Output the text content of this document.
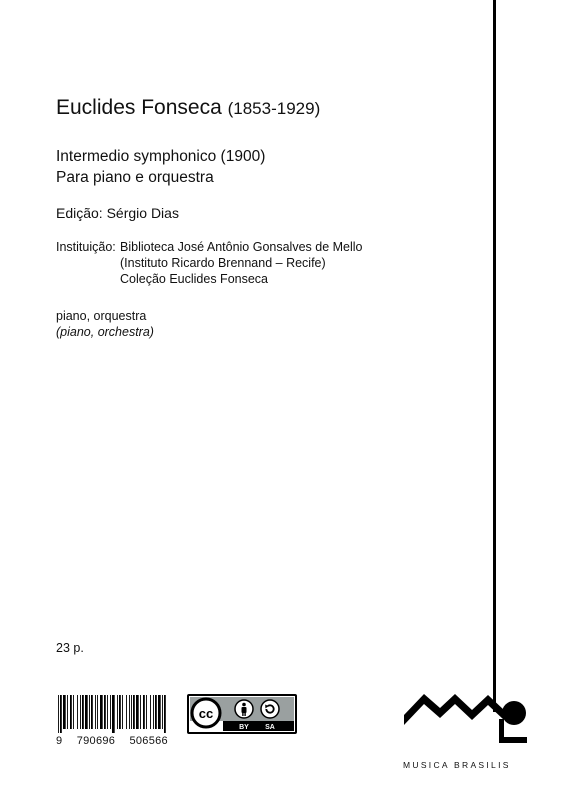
Euclides Fonseca (1853-1929)
Intermedio symphonico (1900)
Para piano e orquestra
Edição: Sérgio Dias
Instituição: Biblioteca José Antônio Gonsalves de Mello
(Instituto Ricardo Brennand – Recife)
Coleção Euclides Fonseca
piano, orquestra
(piano, orchestra)
23 p.
9 790696 506566
cc
BY SA
MUSICA BRASILIS
